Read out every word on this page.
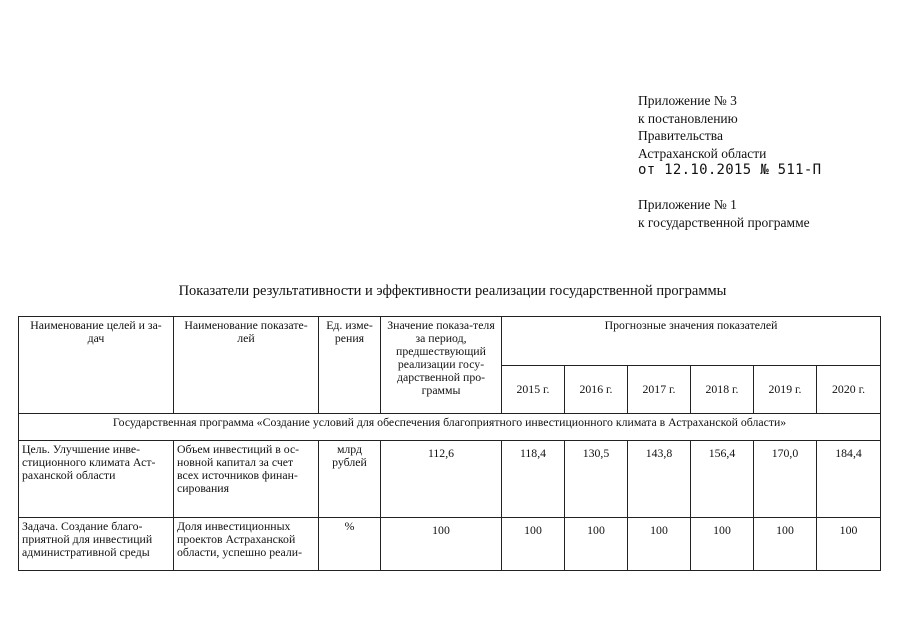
Приложение № 3
к постановлению
Правительства
Астраханской области
от 12.10.2015 № 511-П
Приложение № 1
к государственной программе
Показатели результативности и эффективности реализации государственной программы
Наименование целей и за-дач	Наименование показате-лей	Ед. изме-рения	Значение показа-теля за период, предшествующий реализации госу-дарственной про-граммы	Прогнозные значения показателей					
				2015 г.	2016 г.	2017 г.	2018 г.	2019 г.	2020 г.
Государственная программа «Создание условий для обеспечения благоприятного инвестиционного климата в Астраханской области»									
Цель. Улучшение инве-стиционного климата Аст-раханской области	Объем инвестиций в ос-новной капитал за счет всех источников финан-сирования	млрд рублей	112,6	118,4	130,5	143,8	156,4	170,0	184,4
Задача. Создание благо-приятной для инвестиций административной среды	Доля инвестиционных проектов Астраханской области, успешно реали-	%	100	100	100	100	100	100	100
